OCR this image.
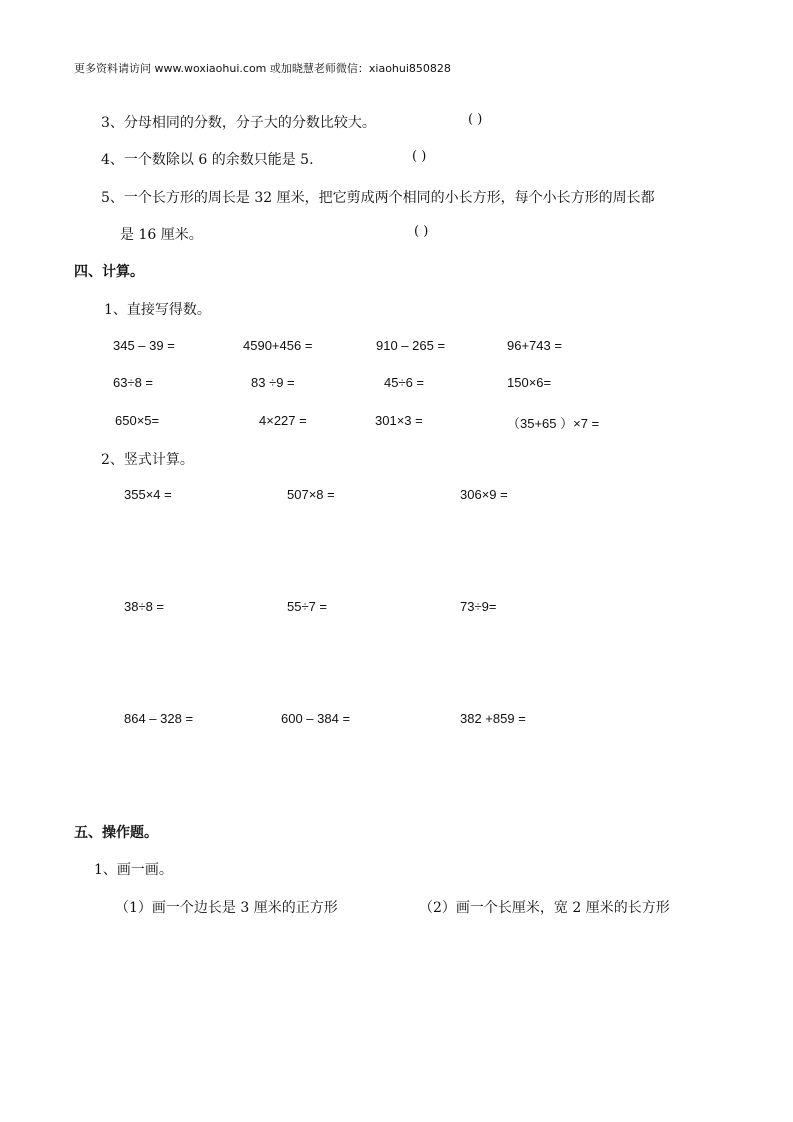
更多资料请访问 www.woxiaohui.com 或加晓慧老师微信：xiaohui850828
3、分母相同的分数，分子大的分数比较大。	( )
4、一个数除以 6 的余数只能是 5.	( )
5、一个长方形的周长是 32 厘米，把它剪成两个相同的小长方形，每个小长方形的周长都
是 16 厘米。	( )
四、计算。
1、直接写得数。
345 – 39 =	4590+456 =	910 – 265 =	96+743 =
63÷8 =	83 ÷9 =	45÷6 =	150×6=
650×5=	4×227 =	301×3 =	（35+65 ）×7 =
2、竖式计算。
355×4 =	507×8 =	306×9 =
38÷8 =	55÷7 =	73÷9=
864 – 328 =	600 – 384 =	382 +859 =
五、操作题。
1、画一画。
（1）画一个边长是 3 厘米的正方形	（2）画一个长厘米，宽 2 厘米的长方形
